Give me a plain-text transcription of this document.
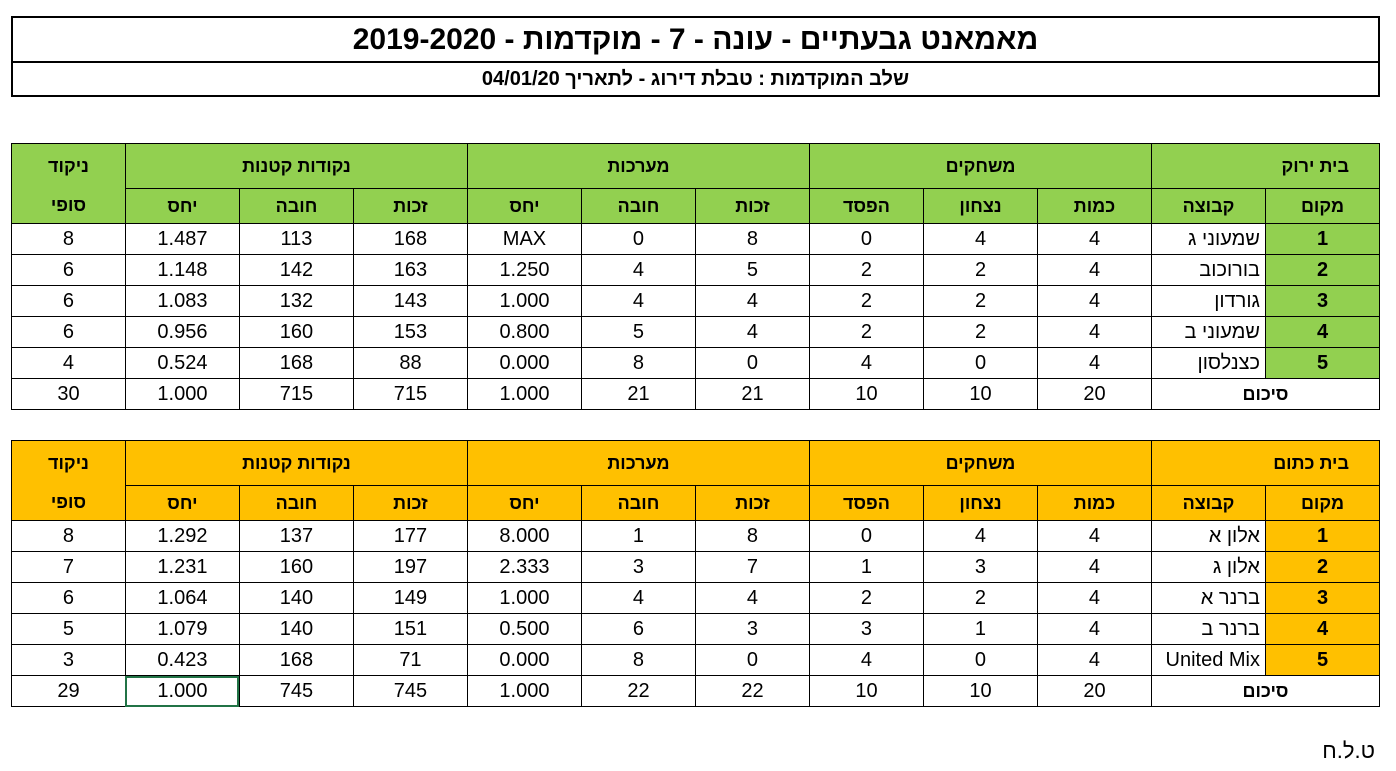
מאמאנט גבעתיים - עונה - 7 - מוקדמות - 2019-2020
שלב המוקדמות : טבלת דירוג - לתאריך 04/01/20
בית ירוק		משחקים			מערכות			נקודות קטנות			ניקוד
מקום	קבוצה	כמות	נצחון	הפסד	זכות	חובה	יחס	זכות	חובה	יחס	סופי
1	שמעוני ג	4	4	0	8	0	MAX	168	113	1.487	8
2	בורוכוב	4	2	2	5	4	1.250	163	142	1.148	6
3	גורדון	4	2	2	4	4	1.000	143	132	1.083	6
4	שמעוני ב	4	2	2	4	5	0.800	153	160	0.956	6
5	כצנלסון	4	0	4	0	8	0.000	88	168	0.524	4
סיכום		20	10	10	21	21	1.000	715	715	1.000	30
בית כתום		משחקים			מערכות			נקודות קטנות			ניקוד
מקום	קבוצה	כמות	נצחון	הפסד	זכות	חובה	יחס	זכות	חובה	יחס	סופי
1	אלון א	4	4	0	8	1	8.000	177	137	1.292	8
2	אלון ג	4	3	1	7	3	2.333	197	160	1.231	7
3	ברנר א	4	2	2	4	4	1.000	149	140	1.064	6
4	ברנר ב	4	1	3	3	6	0.500	151	140	1.079	5
5	United Mix	4	0	4	0	8	0.000	71	168	0.423	3
סיכום		20	10	10	22	22	1.000	745	745	1.000	29
ט.ל.ח
